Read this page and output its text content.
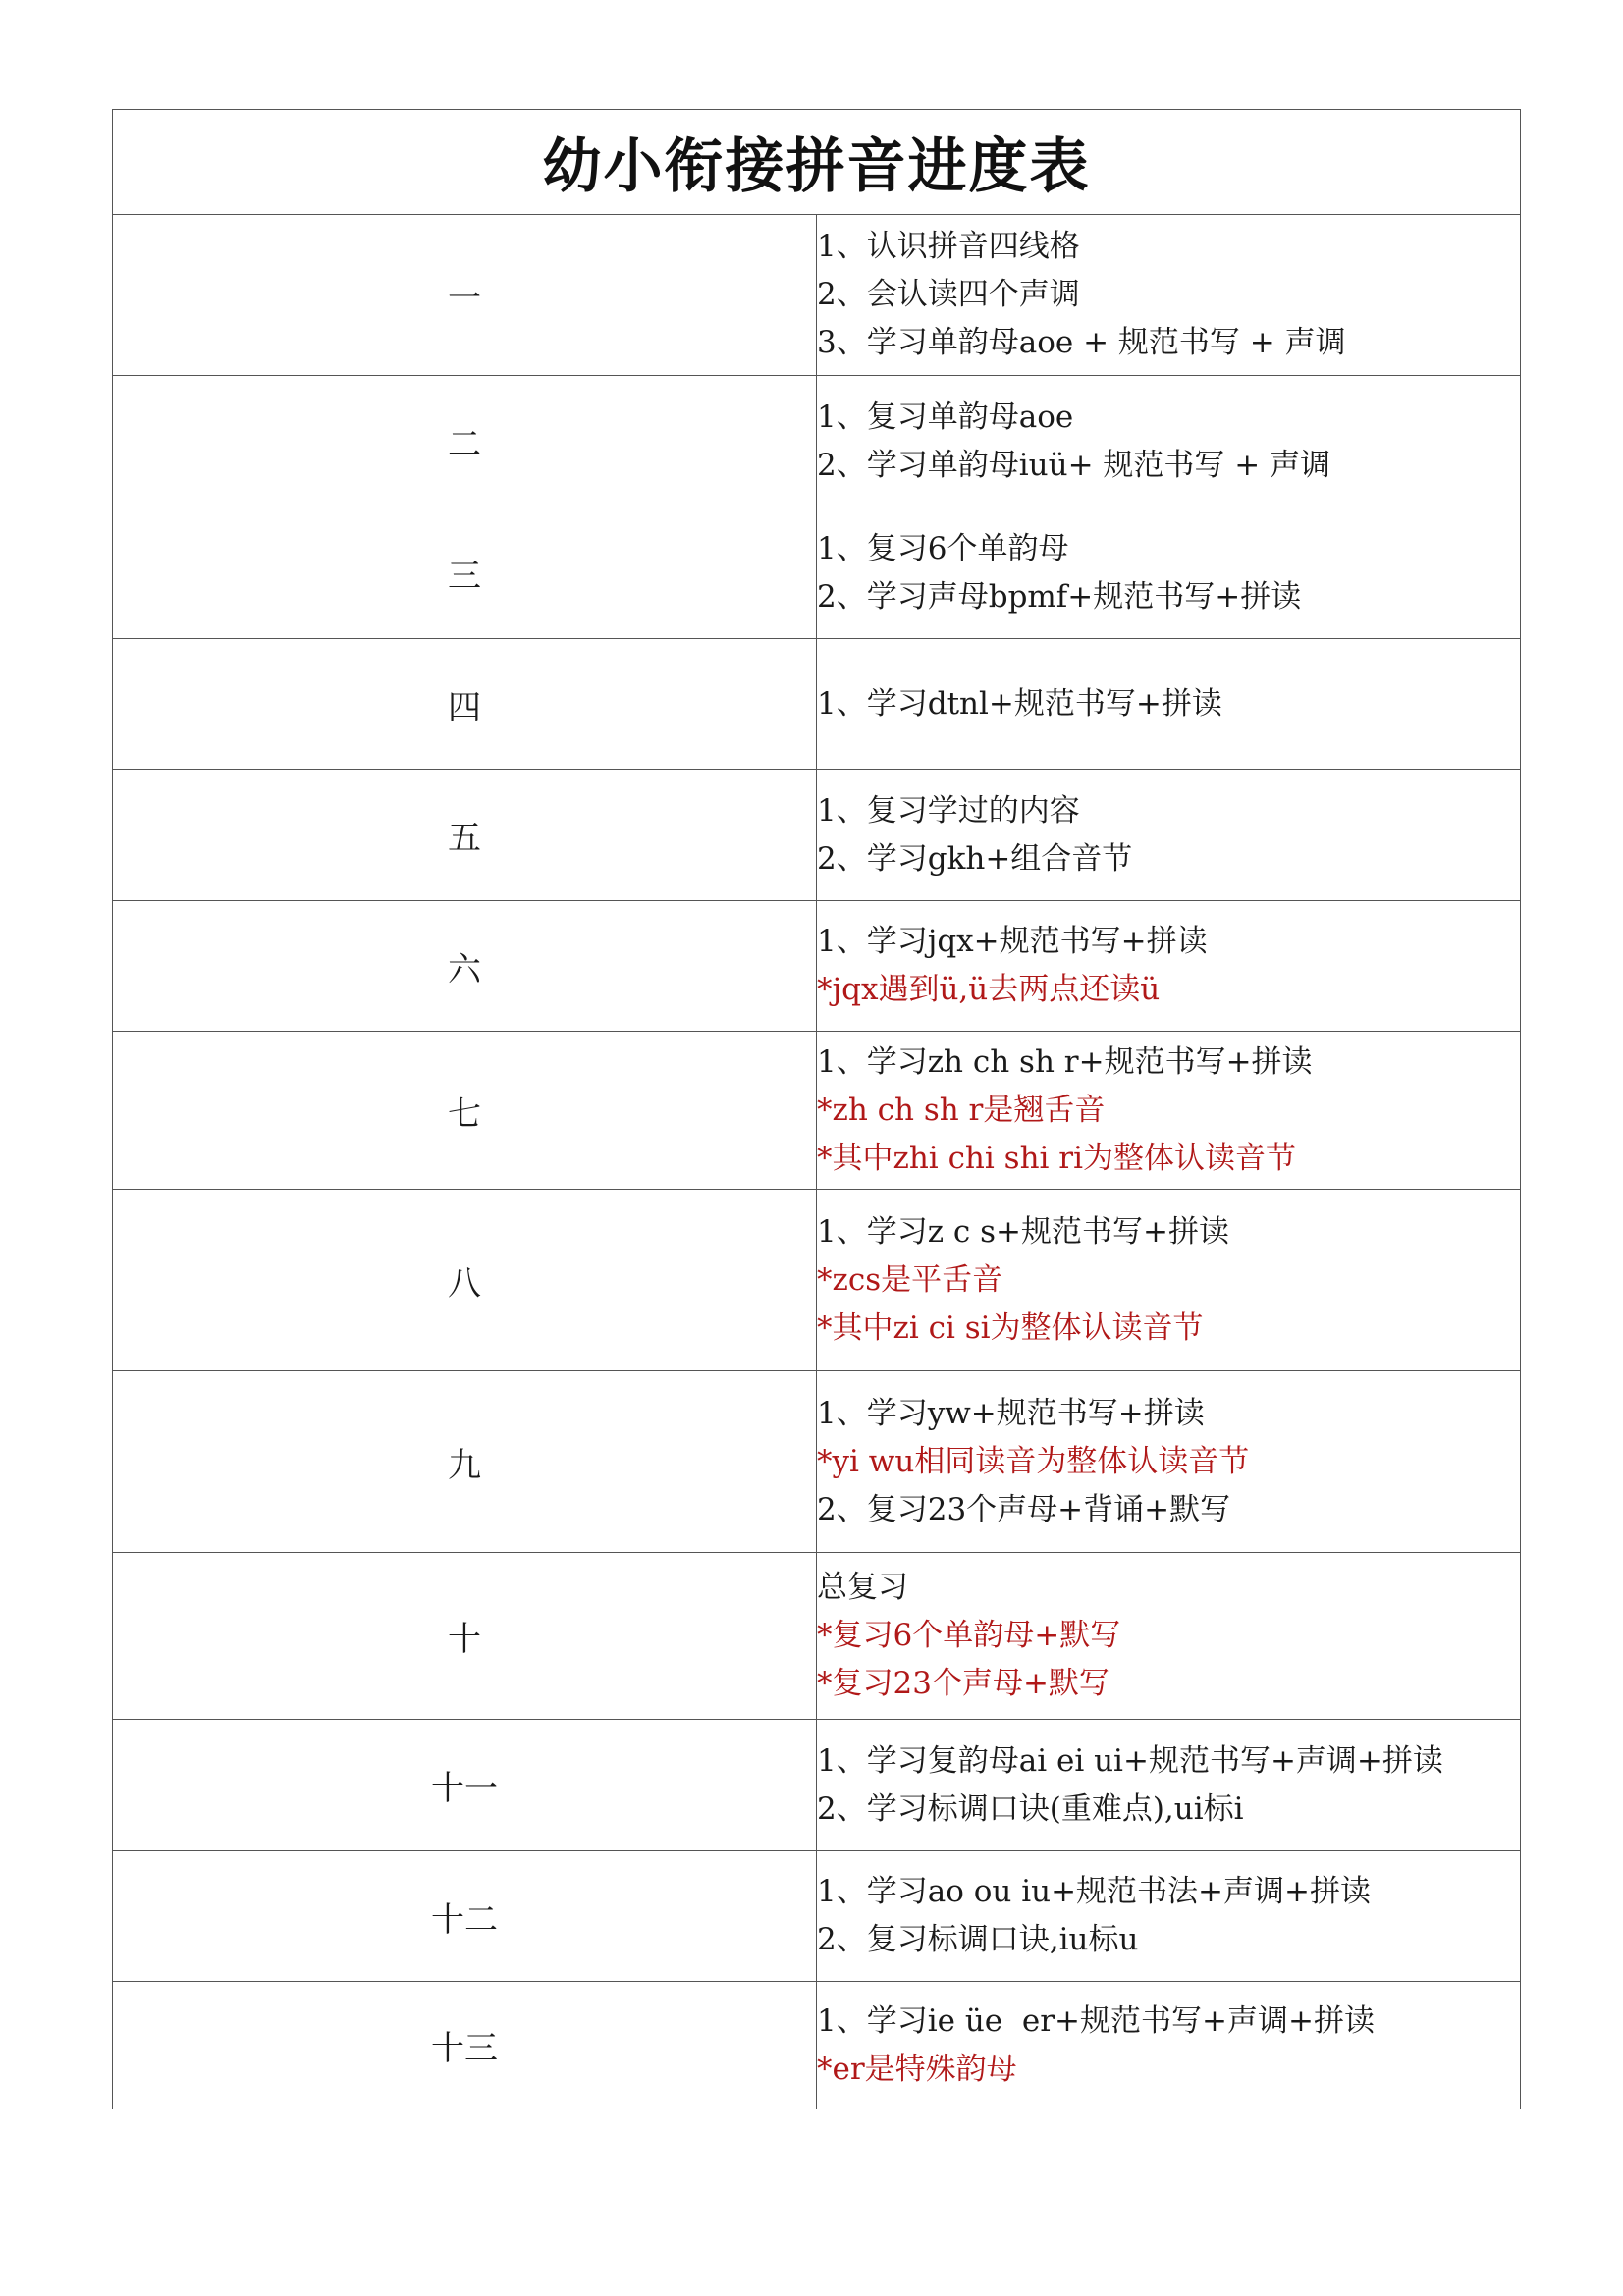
幼小衔接拼音进度表	
一	1、认识拼音四线格
2、会认读四个声调
3、学习单韵母aoe + 规范书写 + 声调

二	1、复习单韵母aoe
2、学习单韵母iuü+ 规范书写 + 声调

三	1、复习6个单韵母
2、学习声母bpmf+规范书写+拼读

四	1、学习dtnl+规范书写+拼读

五	1、复习学过的内容
2、学习gkh+组合音节

六	1、学习jqx+规范书写+拼读
*jqx遇到ü,ü去两点还读ü

七	1、学习zh ch sh r+规范书写+拼读
*zh ch sh r是翘舌音
*其中zhi chi shi ri为整体认读音节

八	1、学习z c s+规范书写+拼读
*zcs是平舌音
*其中zi ci si为整体认读音节

九	1、学习yw+规范书写+拼读
*yi wu相同读音为整体认读音节
2、复习23个声母+背诵+默写

十	总复习
*复习6个单韵母+默写
*复习23个声母+默写

十一	1、学习复韵母ai ei ui+规范书写+声调+拼读
2、学习标调口诀(重难点),ui标i

十二	1、学习ao ou iu+规范书法+声调+拼读
2、复习标调口诀,iu标u

十三	1、学习ie üe  er+规范书写+声调+拼读
*er是特殊韵母
